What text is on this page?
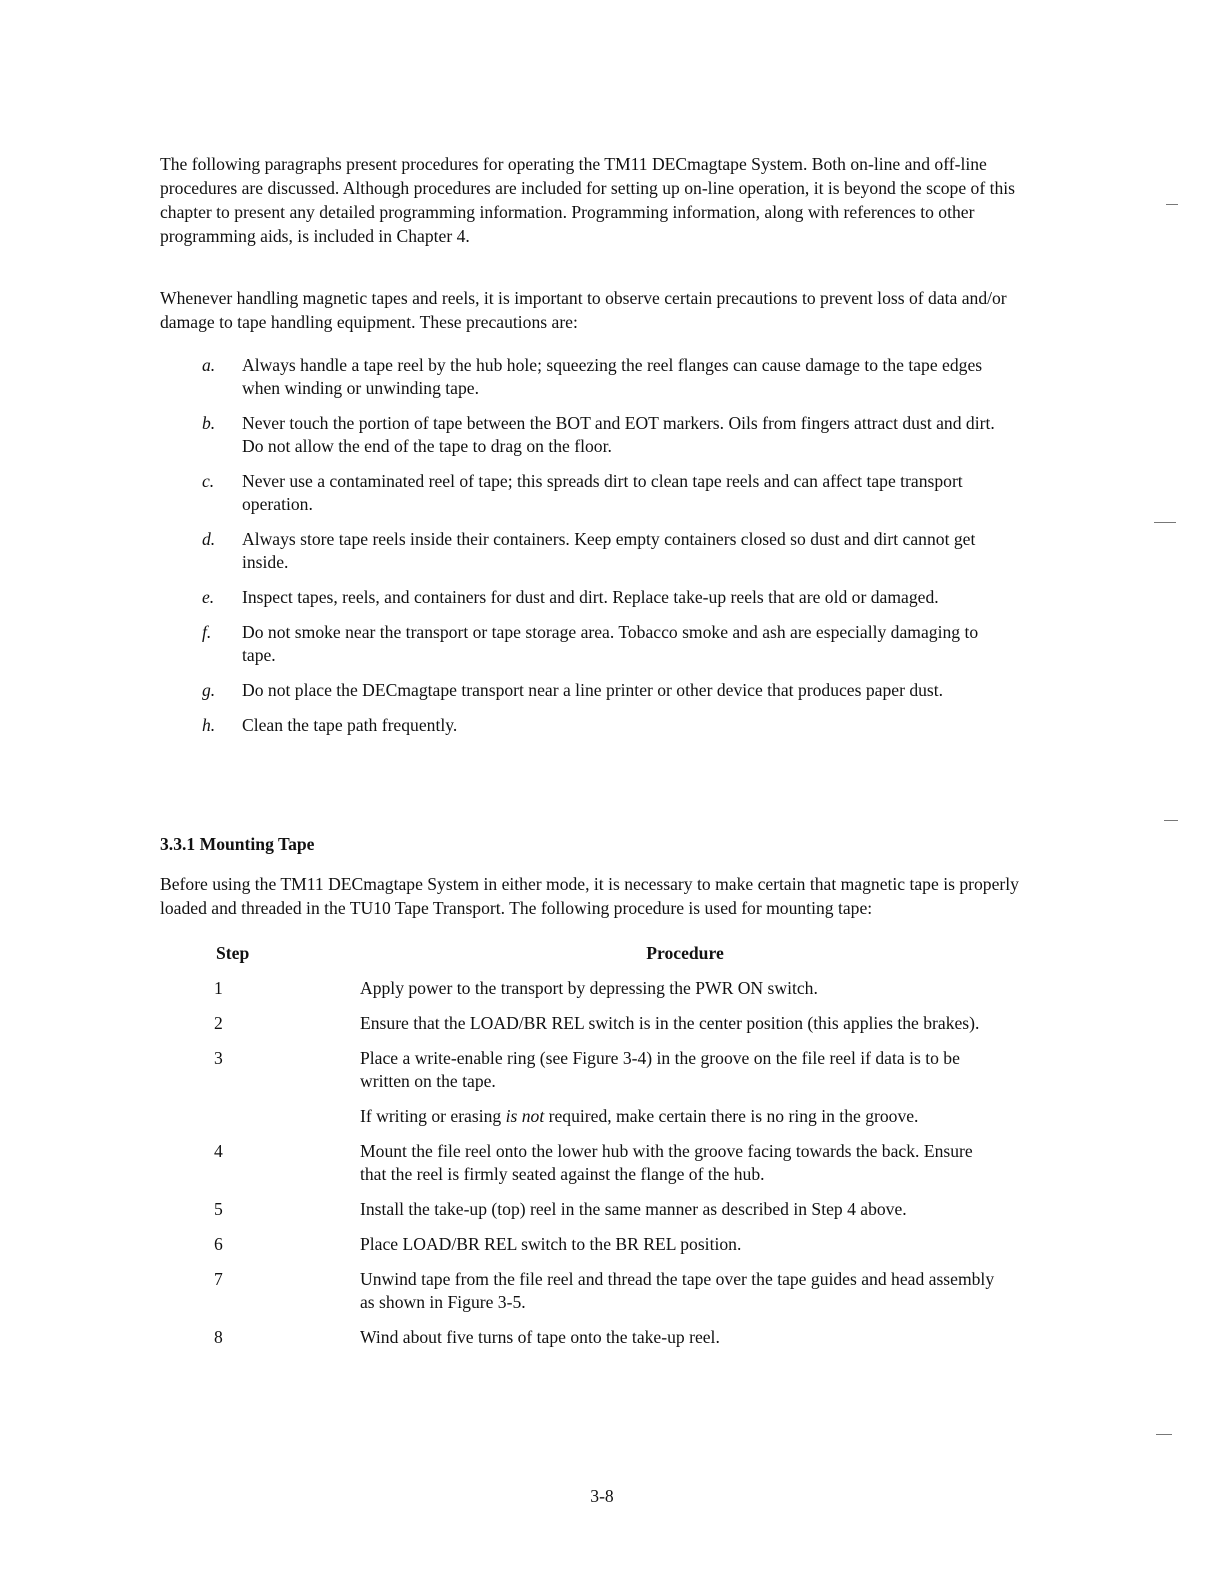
The following paragraphs present procedures for operating the TM11 DECmagtape System. Both on-line and off-line procedures are discussed. Although procedures are included for setting up on-line operation, it is beyond the scope of this chapter to present any detailed programming information. Programming information, along with references to other programming aids, is included in Chapter 4.

Whenever handling magnetic tapes and reels, it is important to observe certain precautions to prevent loss of data and/or damage to tape handling equipment. These precautions are:

a.	Always handle a tape reel by the hub hole; squeezing the reel flanges can cause damage to the tape edges when winding or unwinding tape.
b.	Never touch the portion of tape between the BOT and EOT markers. Oils from fingers attract dust and dirt. Do not allow the end of the tape to drag on the floor.
c.	Never use a contaminated reel of tape; this spreads dirt to clean tape reels and can affect tape transport operation.
d.	Always store tape reels inside their containers. Keep empty containers closed so dust and dirt cannot get inside.
e.	Inspect tapes, reels, and containers for dust and dirt. Replace take-up reels that are old or damaged.
f.	Do not smoke near the transport or tape storage area. Tobacco smoke and ash are especially damaging to tape.
g.	Do not place the DECmagtape transport near a line printer or other device that produces paper dust.
h.	Clean the tape path frequently.
3.3.1 Mounting Tape

Before using the TM11 DECmagtape System in either mode, it is necessary to make certain that magnetic tape is properly loaded and threaded in the TU10 Tape Transport. The following procedure is used for mounting tape:

Step	Procedure
1	Apply power to the transport by depressing the PWR ON switch.
2	Ensure that the LOAD/BR REL switch is in the center position (this applies the brakes).
3	Place a write-enable ring (see Figure 3-4) in the groove on the file reel if data is to be written on the tape.
If writing or erasing is not required, make certain there is no ring in the groove.
4	Mount the file reel onto the lower hub with the groove facing towards the back. Ensure that the reel is firmly seated against the flange of the hub.
5	Install the take-up (top) reel in the same manner as described in Step 4 above.
6	Place LOAD/BR REL switch to the BR REL position.
7	Unwind tape from the file reel and thread the tape over the tape guides and head assembly as shown in Figure 3-5.
8	Wind about five turns of tape onto the take-up reel.
3-8
